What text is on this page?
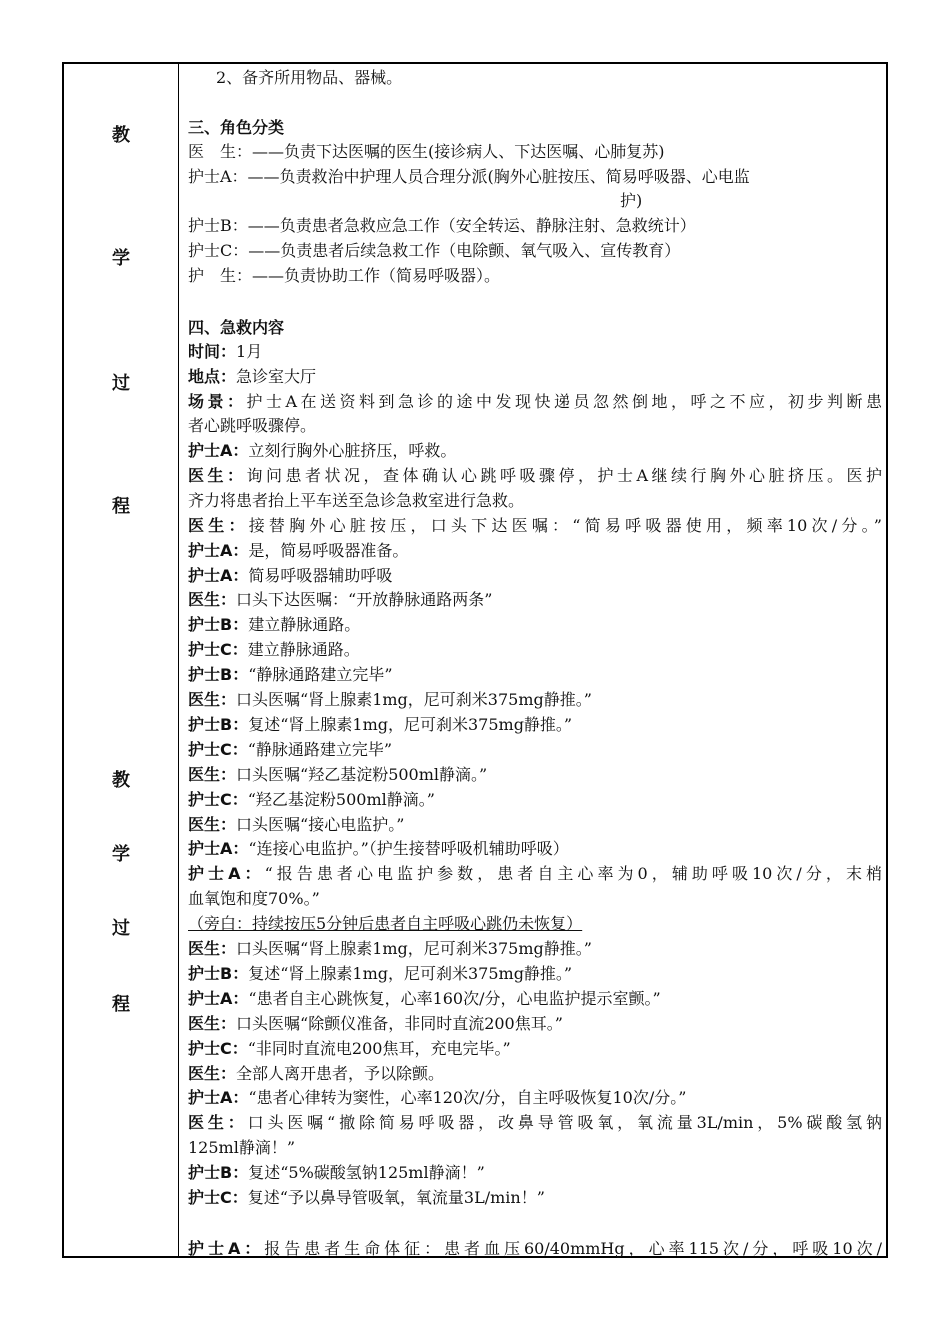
教
学
过
程
教
学
过
程
2、备齐所用物品、器械。
三、角色分类
医　生：——负责下达医嘱的医生(接诊病人、下达医嘱、心肺复苏)
护士A：——负责救治中护理人员合理分派(胸外心脏按压、简易呼吸器、心电监
护)
护士B：——负责患者急救应急工作（安全转运、静脉注射、急救统计）
护士C：——负责患者后续急救工作（电除颤、氧气吸入、宣传教育）
护　生：——负责协助工作（简易呼吸器）。
四、急救内容
时间：1月
地点：急诊室大厅
场景：护士A在送资料到急诊的途中发现快递员忽然倒地，呼之不应，初步判断患
者心跳呼吸骤停。
护士A：立刻行胸外心脏挤压，呼救。
医生：询问患者状况，查体确认心跳呼吸骤停，护士A继续行胸外心脏挤压。医护
齐力将患者抬上平车送至急诊急救室进行急救。
医生：接替胸外心脏按压，口头下达医嘱：“简易呼吸器使用，频率10次/分。”
护士A：是，简易呼吸器准备。
护士A：简易呼吸器辅助呼吸
医生：口头下达医嘱：“开放静脉通路两条”
护士B：建立静脉通路。
护士C：建立静脉通路。
护士B：“静脉通路建立完毕”
医生：口头医嘱“肾上腺素1mg，尼可刹米375mg静推。”
护士B：复述“肾上腺素1mg，尼可刹米375mg静推。”
护士C：“静脉通路建立完毕”
医生：口头医嘱“羟乙基淀粉500ml静滴。”
护士C：“羟乙基淀粉500ml静滴。”
医生：口头医嘱“接心电监护。”
护士A：“连接心电监护。”（护生接替呼吸机辅助呼吸）
护士A：“报告患者心电监护参数，患者自主心率为0，辅助呼吸10次/分，末梢
血氧饱和度70%。”
（旁白：持续按压5分钟后患者自主呼吸心跳仍未恢复）
医生：口头医嘱“肾上腺素1mg，尼可刹米375mg静推。”
护士B：复述“肾上腺素1mg，尼可刹米375mg静推。”
护士A：“患者自主心跳恢复，心率160次/分，心电监护提示室颤。”
医生：口头医嘱“除颤仪准备，非同时直流200焦耳。”
护士C：“非同时直流电200焦耳，充电完毕。”
医生：全部人离开患者，予以除颤。
护士A：“患者心律转为窦性，心率120次/分，自主呼吸恢复10次/分。”
医生：口头医嘱“撤除简易呼吸器，改鼻导管吸氧，氧流量3L/min，5%碳酸氢钠
125ml静滴！”
护士B：复述“5%碳酸氢钠125ml静滴！”
护士C：复述“予以鼻导管吸氧，氧流量3L/min！”
护士A：报告患者生命体征：患者血压60/40mmHg，心率115次/分，呼吸10次/
